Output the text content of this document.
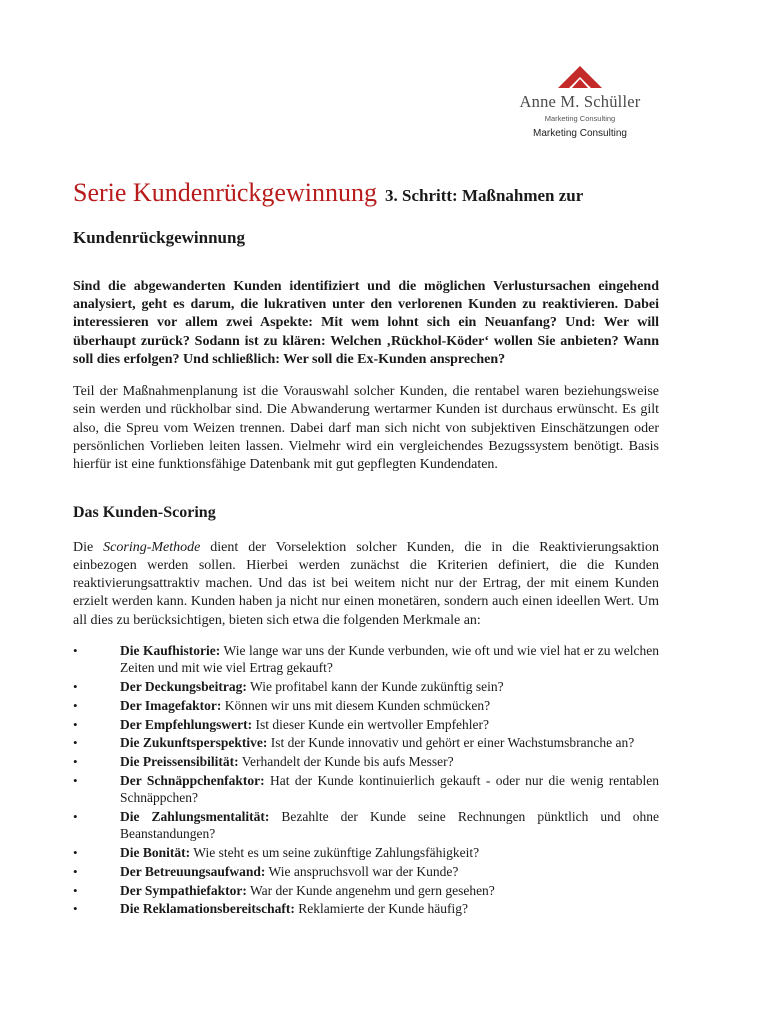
Anne M. Schüller
Marketing Consulting
Marketing Consulting
Serie Kundenrückgewinnung 3. Schritt: Maßnahmen zur Kundenrückgewinnung

Sind die abgewanderten Kunden identifiziert und die möglichen Verlustursachen eingehend analysiert, geht es darum, die lukrativen unter den verlorenen Kunden zu reaktivieren. Dabei interessieren vor allem zwei Aspekte: Mit wem lohnt sich ein Neuanfang? Und: Wer will überhaupt zurück? Sodann ist zu klären: Welchen ‚Rückhol-Köder‘ wollen Sie anbieten? Wann soll dies erfolgen? Und schließlich: Wer soll die Ex-Kunden ansprechen?

Teil der Maßnahmenplanung ist die Vorauswahl solcher Kunden, die rentabel waren beziehungsweise sein werden und rückholbar sind. Die Abwanderung wertarmer Kunden ist durchaus erwünscht. Es gilt also, die Spreu vom Weizen trennen. Dabei darf man sich nicht von subjektiven Einschätzungen oder persönlichen Vorlieben leiten lassen. Vielmehr wird ein vergleichendes Bezugssystem benötigt. Basis hierfür ist eine funktionsfähige Datenbank mit gut gepflegten Kundendaten.

Das Kunden-Scoring

Die Scoring-Methode dient der Vorselektion solcher Kunden, die in die Reaktivierungsaktion einbezogen werden sollen. Hierbei werden zunächst die Kriterien definiert, die die Kunden reaktivierungsattraktiv machen. Und das ist bei weitem nicht nur der Ertrag, der mit einem Kunden erzielt werden kann. Kunden haben ja nicht nur einen monetären, sondern auch einen ideellen Wert. Um all dies zu berücksichtigen, bieten sich etwa die folgenden Merkmale an:

•	Die Kaufhistorie: Wie lange war uns der Kunde verbunden, wie oft und wie viel hat er zu welchen Zeiten und mit wie viel Ertrag gekauft?
•	Der Deckungsbeitrag: Wie profitabel kann der Kunde zukünftig sein?
•	Der Imagefaktor: Können wir uns mit diesem Kunden schmücken?
•	Der Empfehlungswert: Ist dieser Kunde ein wertvoller Empfehler?
•	Die Zukunftsperspektive: Ist der Kunde innovativ und gehört er einer Wachstumsbranche an?
•	Die Preissensibilität: Verhandelt der Kunde bis aufs Messer?
•	Der Schnäppchenfaktor: Hat der Kunde kontinuierlich gekauft - oder nur die wenig rentablen Schnäppchen?
•	Die Zahlungsmentalität: Bezahlte der Kunde seine Rechnungen pünktlich und ohne Beanstandungen?
•	Die Bonität: Wie steht es um seine zukünftige Zahlungsfähigkeit?
•	Der Betreuungsaufwand: Wie anspruchsvoll war der Kunde?
•	Der Sympathiefaktor: War der Kunde angenehm und gern gesehen?
•	Die Reklamationsbereitschaft: Reklamierte der Kunde häufig?
